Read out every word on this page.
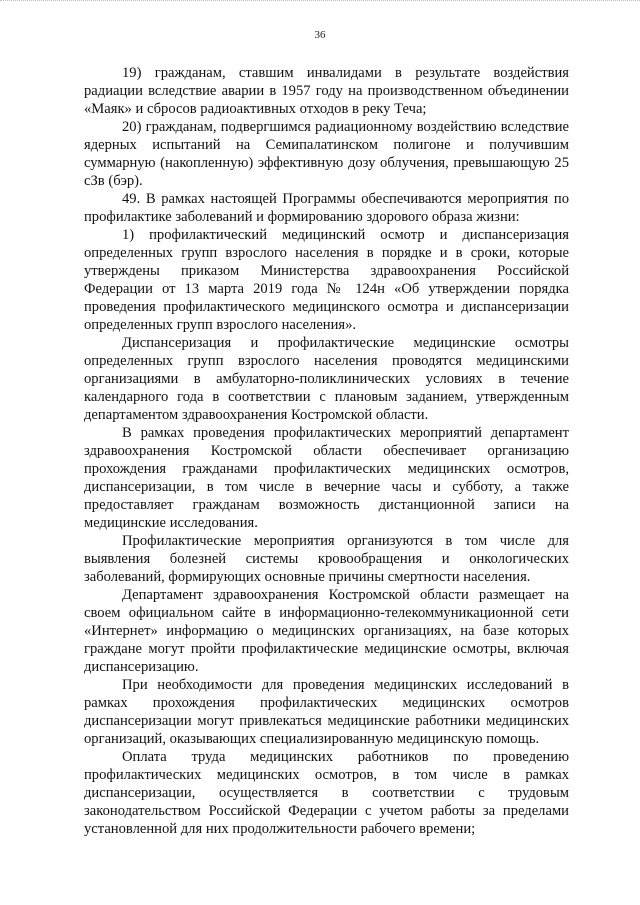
36

19) гражданам, ставшим инвалидами в результате воздействия радиации вследствие аварии в 1957 году на производственном объединении «Маяк» и сбросов радиоактивных отходов в реку Теча;

20) гражданам, подвергшимся радиационному воздействию вследствие ядерных испытаний на Семипалатинском полигоне и получившим суммарную (накопленную) эффективную дозу облучения, превышающую 25 сЗв (бэр).

49. В рамках настоящей Программы обеспечиваются мероприятия по профилактике заболеваний и формированию здорового образа жизни:

1) профилактический медицинский осмотр и диспансеризация определенных групп взрослого населения в порядке и в сроки, которые утверждены приказом Министерства здравоохранения Российской Федерации от 13 марта 2019 года № 124н «Об утверждении порядка проведения профилактического медицинского осмотра и диспансеризации определенных групп взрослого населения».

Диспансеризация и профилактические медицинские осмотры определенных групп взрослого населения проводятся медицинскими организациями в амбулаторно-поликлинических условиях в течение календарного года в соответствии с плановым заданием, утвержденным департаментом здравоохранения Костромской области.

В рамках проведения профилактических мероприятий департамент здравоохранения Костромской области обеспечивает организацию прохождения гражданами профилактических медицинских осмотров, диспансеризации, в том числе в вечерние часы и субботу, а также предоставляет гражданам возможность дистанционной записи на медицинские исследования.

Профилактические мероприятия организуются в том числе для выявления болезней системы кровообращения и онкологических заболеваний, формирующих основные причины смертности населения.

Департамент здравоохранения Костромской области размещает на своем официальном сайте в информационно-телекоммуникационной сети «Интернет» информацию о медицинских организациях, на базе которых граждане могут пройти профилактические медицинские осмотры, включая диспансеризацию.

При необходимости для проведения медицинских исследований в рамках прохождения профилактических медицинских осмотров диспансеризации могут привлекаться медицинские работники медицинских организаций, оказывающих специализированную медицинскую помощь.

Оплата труда медицинских работников по проведению профилактических медицинских осмотров, в том числе в рамках диспансеризации, осуществляется в соответствии с трудовым законодательством Российской Федерации с учетом работы за пределами установленной для них продолжительности рабочего времени;
